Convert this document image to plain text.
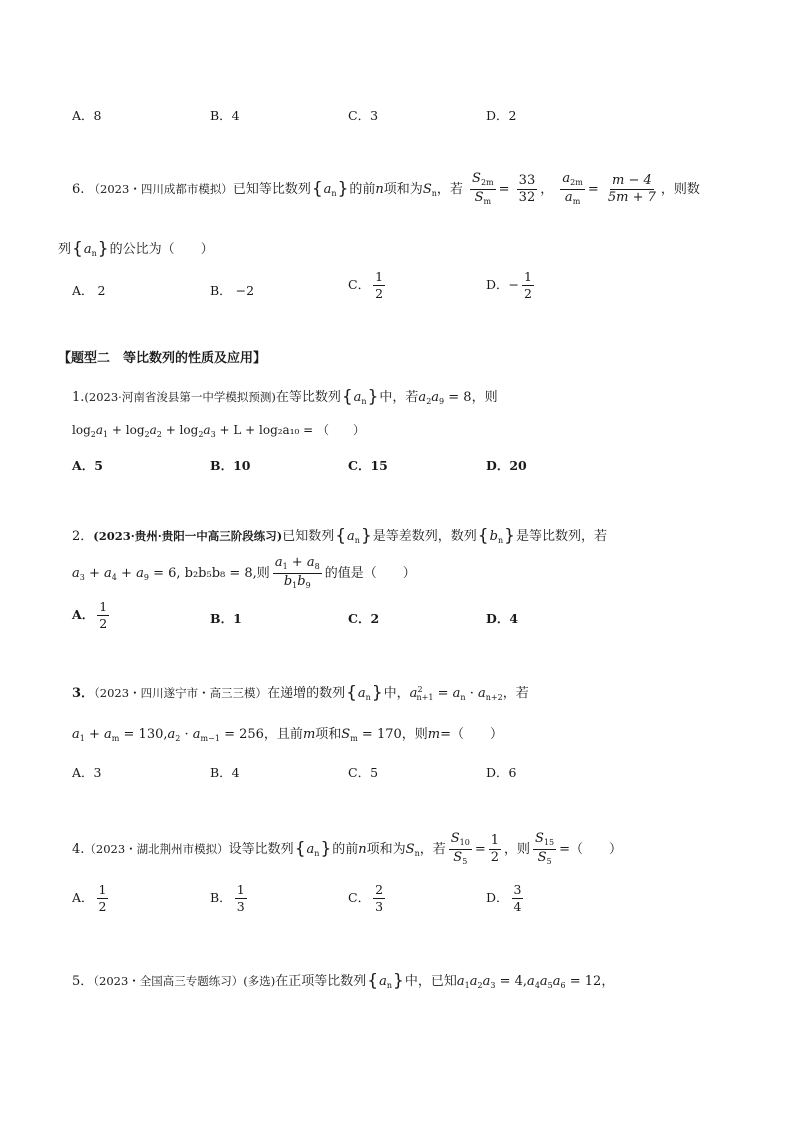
A．8	B．4	C．3	D．2
6. （2023・四川成都市模拟）已知等比数列$\{a_n\}$的前n项和为$S_n$，若 $\frac{S_{2m}}{S_m} = \frac{33}{32}$ ， $\frac{a_{2m}}{a_m} = \frac{m - 4}{5m + 7}$ ，则数
列$\{a_n\}$的公比为（　　）
A． 2	B． −2	C． $\frac{1}{2}$	D．− $\frac{1}{2}$
【题型二　等比数列的性质及应用】
1.(2023·河南省浚县第一中学模拟预测)在等比数列$\{a_n\}$中，若$a_2a_9 = 8$，则
$\log_2a_1 + \log_2a_2 + \log_2a_3 + L + \log_2a_{10}$ = （　　）
A．5	B．10	C．15	D．20
2．(2023·贵州·贵阳一中高三阶段练习)已知数列$\{a_n\}$是等差数列，数列$\{b_n\}$是等比数列，若
$a_3 + a_4 + a_9 = 6$, b₂b₅b₈ = 8,则 $\frac{a_1 + a_8}{b_1b_9}$ 的值是（　　）
A． $\frac{1}{2}$	B．1	C．2	D．4
3．（2023・四川遂宁市・高三三模）在递增的数列$\{a_n\}$中，$a^2_{n+1} = a_n \cdot a_{n+2}$，若
$a_1 + a_m = 130,a_2 \cdot a_{m-1} = 256$，且前m项和$S_m = 170$，则m=（　　）
A．3	B．4	C．5	D．6
4.（2023・湖北荆州市模拟）设等比数列$\{a_n\}$的前n项和为$S_n$，若 $\frac{S_{10}}{S_5} = \frac{1}{2}$ ，则 $\frac{S_{15}}{S_5}$ =（　　）
A． $\frac{1}{2}$	B． $\frac{1}{3}$	C． $\frac{2}{3}$	D． $\frac{3}{4}$
5．（2023・全国高三专题练习）(多选)在正项等比数列$\{a_n\}$中，已知$a_1a_2a_3 = 4,a_4a_5a_6 = 12$，
